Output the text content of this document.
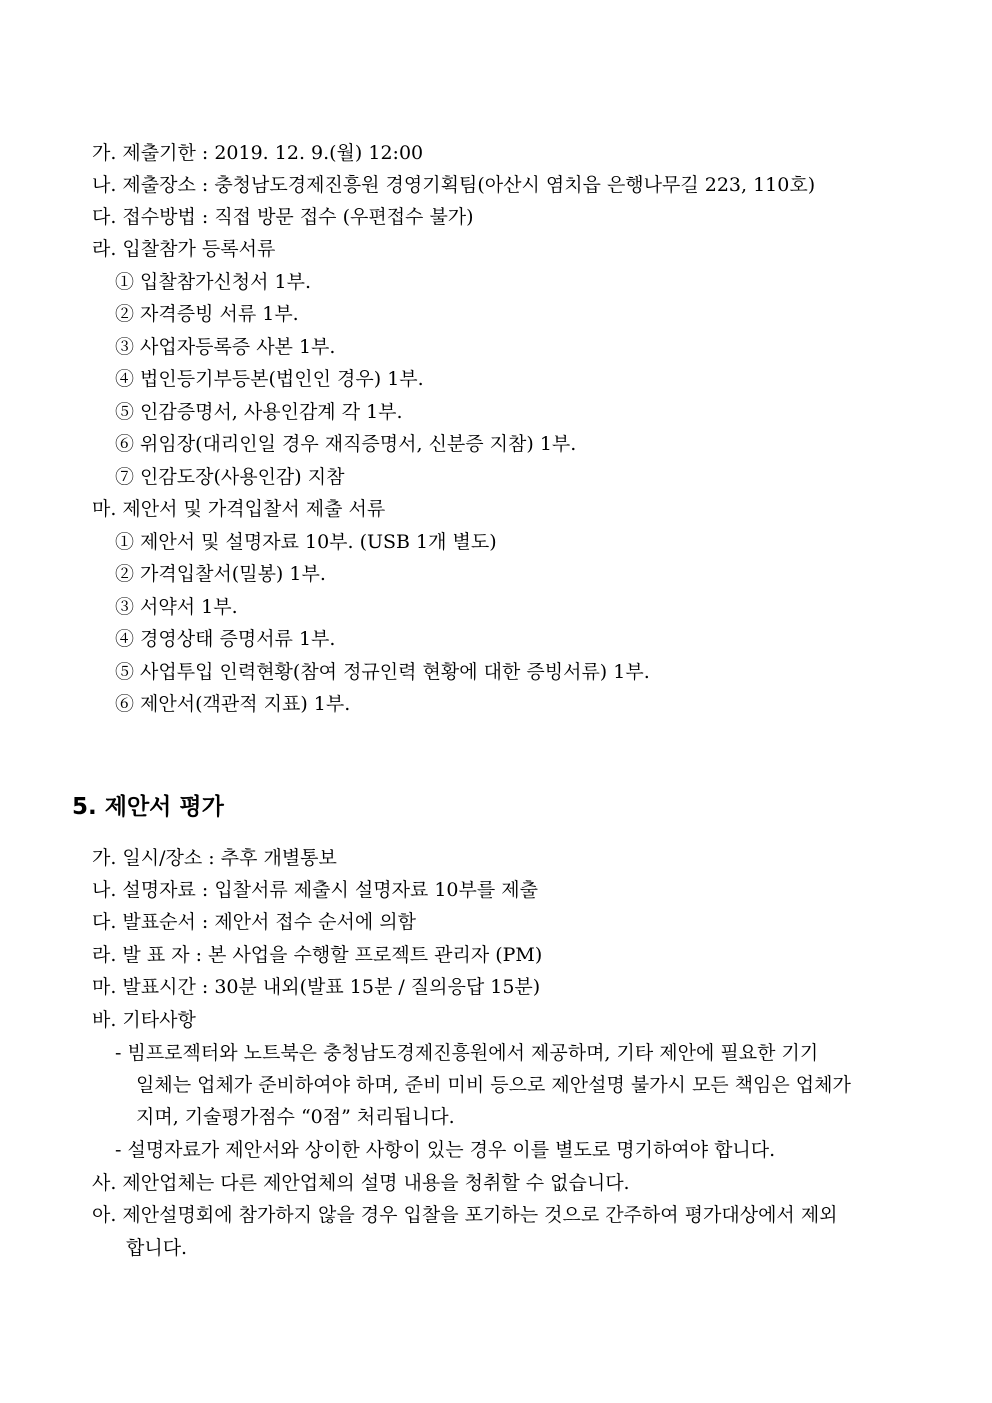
가. 제출기한 : 2019. 12. 9.(월) 12:00
나. 제출장소 : 충청남도경제진흥원 경영기획팀(아산시 염치읍 은행나무길 223, 110호)
다. 접수방법 : 직접 방문 접수 (우편접수 불가)
라. 입찰참가 등록서류
① 입찰참가신청서 1부.
② 자격증빙 서류 1부.
③ 사업자등록증 사본 1부.
④ 법인등기부등본(법인인 경우) 1부.
⑤ 인감증명서, 사용인감계 각 1부.
⑥ 위임장(대리인일 경우 재직증명서, 신분증 지참) 1부.
⑦ 인감도장(사용인감) 지참
마. 제안서 및 가격입찰서 제출 서류
① 제안서 및 설명자료 10부. (USB 1개 별도)
② 가격입찰서(밀봉) 1부.
③ 서약서 1부.
④ 경영상태 증명서류 1부.
⑤ 사업투입 인력현황(참여 정규인력 현황에 대한 증빙서류) 1부.
⑥ 제안서(객관적 지표) 1부.
5. 제안서 평가
가. 일시/장소 : 추후 개별통보
나. 설명자료 : 입찰서류 제출시 설명자료 10부를 제출
다. 발표순서 : 제안서 접수 순서에 의함
라. 발 표 자 : 본 사업을 수행할 프로젝트 관리자 (PM)
마. 발표시간 : 30분 내외(발표 15분 / 질의응답 15분)
바. 기타사항
- 빔프로젝터와 노트북은 충청남도경제진흥원에서 제공하며, 기타 제안에 필요한 기기
일체는 업체가 준비하여야 하며, 준비 미비 등으로 제안설명 불가시 모든 책임은 업체가
지며, 기술평가점수 “0점” 처리됩니다.
- 설명자료가 제안서와 상이한 사항이 있는 경우 이를 별도로 명기하여야 합니다.
사. 제안업체는 다른 제안업체의 설명 내용을 청취할 수 없습니다.
아. 제안설명회에 참가하지 않을 경우 입찰을 포기하는 것으로 간주하여 평가대상에서 제외
합니다.
